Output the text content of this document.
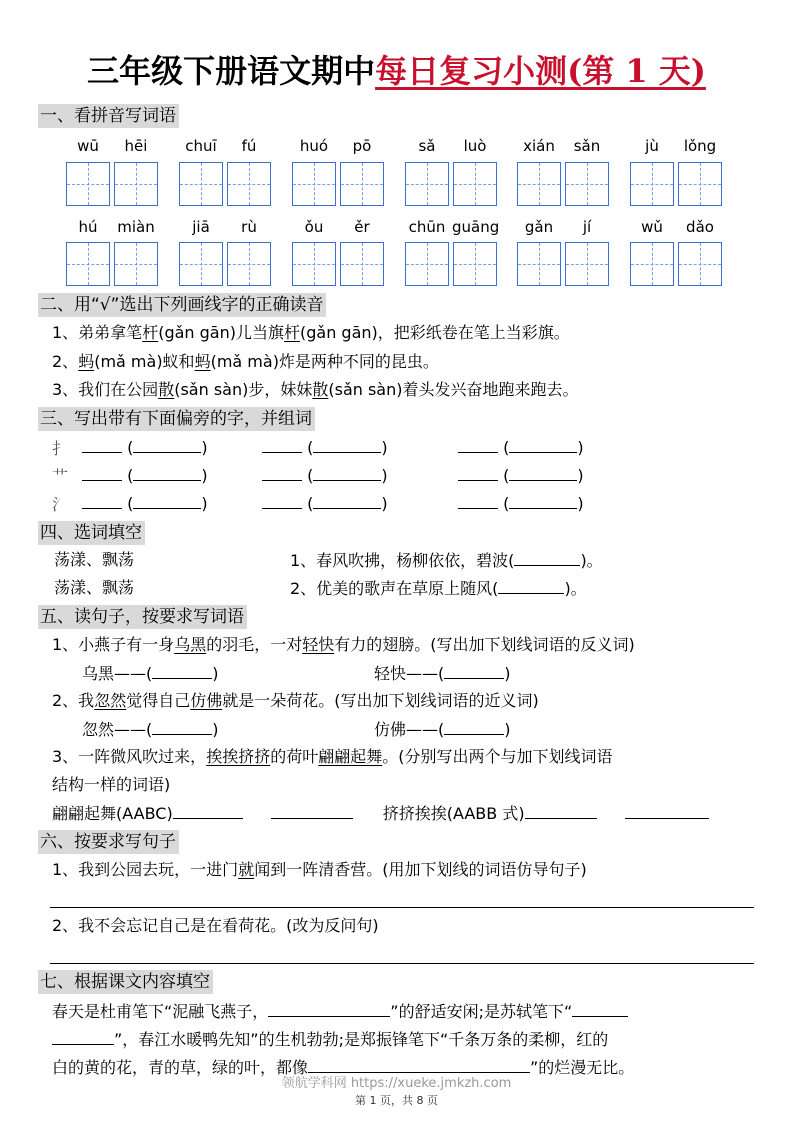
三年级下册语文期中每日复习小测(第 1 天)
一、看拼音写词语
wū	hēi	chuī	fú	huó	pō	sǎ	luò	xián	sǎn	jù	lǒng
hú	miàn	jiā	rù	ǒu	ěr	chūn guāng	gǎn	jí	wǔ	dǎo
二、用“√”选出下列画线字的正确读音
1、弟弟拿笔杆(gǎn gān)儿当旗杆(gǎn gān)，把彩纸卷在笔上当彩旗。
2、蚂(mǎ mà)蚁和蚂(mǎ mà)炸是两种不同的昆虫。
3、我们在公园散(sǎn sàn)步，妹妹散(sǎn sàn)着头发兴奋地跑来跑去。
三、写出带有下面偏旁的字，并组词
扌	(	)	(	)	(	)
艹	(	)	(	)	(	)
氵	(	)	(	)	(	)
四、选词填空
荡漾、飘荡	1、春风吹拂，杨柳依依，碧波(	)。
荡漾、飘荡	2、优美的歌声在草原上随风(	)。
五、读句子，按要求写词语
1、小燕子有一身乌黑的羽毛，一对轻快有力的翅膀。(写出加下划线词语的反义词)
乌黑——(	)	轻快——(	)
2、我忽然觉得自己仿佛就是一朵荷花。(写出加下划线词语的近义词)
忽然——(	)	仿佛——(	)
3、一阵微风吹过来，挨挨挤挤的荷叶翩翩起舞。(分别写出两个与加下划线词语
结构一样的词语)
翩翩起舞(AABC)	挤挤挨挨(AABB 式)
六、按要求写句子
1、我到公园去玩，一进门就闻到一阵清香营。(用加下划线的词语仿导句子)
2、我不会忘记自己是在看荷花。(改为反问句)
七、根据课文内容填空
春天是杜甫笔下“泥融飞燕子，	”的舒适安闲;是苏轼笔下“
”，春江水暖鸭先知”的生机勃勃;是郑振锋笔下“千条万条的柔柳，红的
白的黄的花，青的草，绿的叶，都像	”的烂漫无比。
领航学科网 https://xueke.jmkzh.com
第 1 页，共 8 页
